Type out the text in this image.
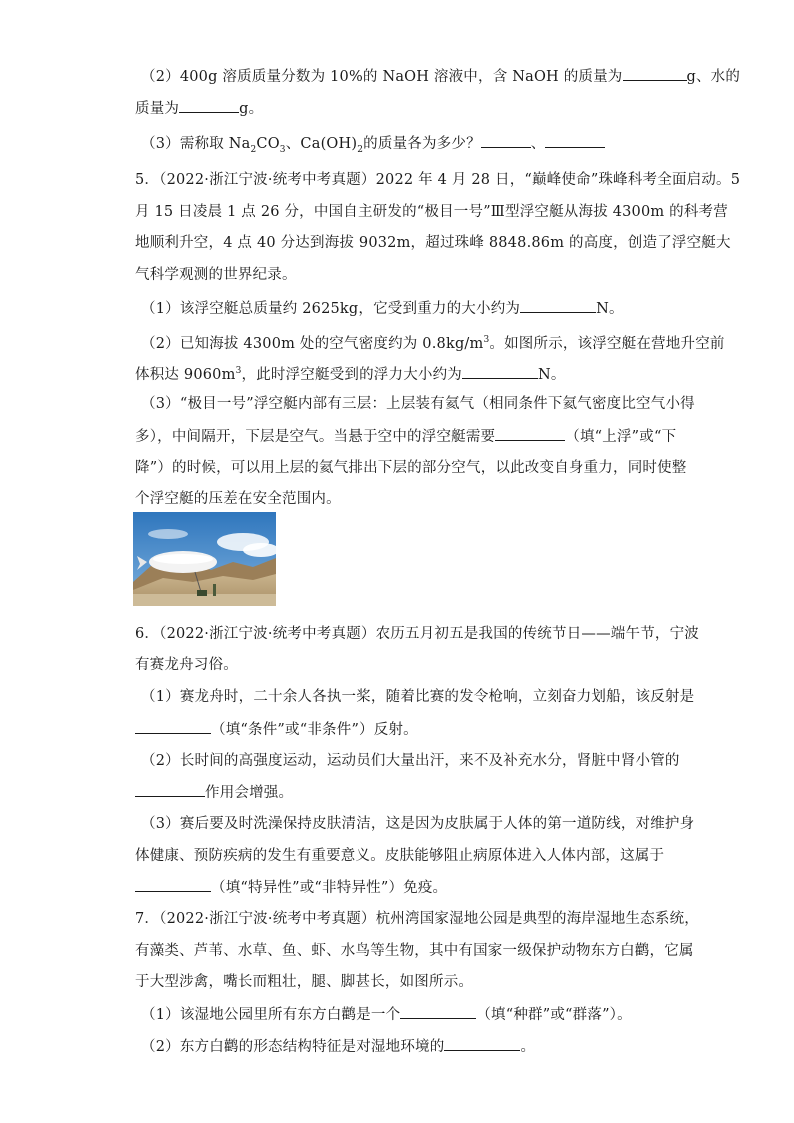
（2）400g 溶质质量分数为 10%的 NaOH 溶液中，含 NaOH 的质量为	g、水的
质量为	g。
（3）需称取 $Na_2CO_3$、$Ca(OH)_2$的质量各为多少？	、
5．（2022·浙江宁波·统考中考真题）2022 年 4 月 28 日，“巅峰使命”珠峰科考全面启动。5
月 15 日凌晨 1 点 26 分，中国自主研发的“极目一号”Ⅲ型浮空艇从海拔 4300m 的科考营
地顺利升空，4 点 40 分达到海拔 9032m，超过珠峰 8848.86m 的高度，创造了浮空艇大
气科学观测的世界纪录。
（1）该浮空艇总质量约 2625kg，它受到重力的大小约为	N。
（2）已知海拔 4300m 处的空气密度约为 $0.8kg/m^3$。如图所示，该浮空艇在营地升空前
体积达 $9060m^3$，此时浮空艇受到的浮力大小约为	N。
（3）“极目一号”浮空艇内部有三层：上层装有氦气（相同条件下氦气密度比空气小得
多），中间隔开，下层是空气。当悬于空中的浮空艇需要	（填“上浮”或“下
降”）的时候，可以用上层的氦气排出下层的部分空气，以此改变自身重力，同时使整
个浮空艇的压差在安全范围内。
6．（2022·浙江宁波·统考中考真题）农历五月初五是我国的传统节日——端午节，宁波
有赛龙舟习俗。
（1）赛龙舟时，二十余人各执一桨，随着比赛的发令枪响，立刻奋力划船，该反射是
（填“条件”或“非条件”）反射。
（2）长时间的高强度运动，运动员们大量出汗，来不及补充水分，肾脏中肾小管的
作用会增强。
（3）赛后要及时洗澡保持皮肤清洁，这是因为皮肤属于人体的第一道防线，对维护身
体健康、预防疾病的发生有重要意义。皮肤能够阻止病原体进入人体内部，这属于
（填“特异性”或“非特异性”）免疫。
7．（2022·浙江宁波·统考中考真题）杭州湾国家湿地公园是典型的海岸湿地生态系统，
有藻类、芦苇、水草、鱼、虾、水鸟等生物，其中有国家一级保护动物东方白鹳，它属
于大型涉禽，嘴长而粗壮，腿、脚甚长，如图所示。
（1）该湿地公园里所有东方白鹳是一个	（填“种群”或“群落”）。
（2）东方白鹳的形态结构特征是对湿地环境的	。
